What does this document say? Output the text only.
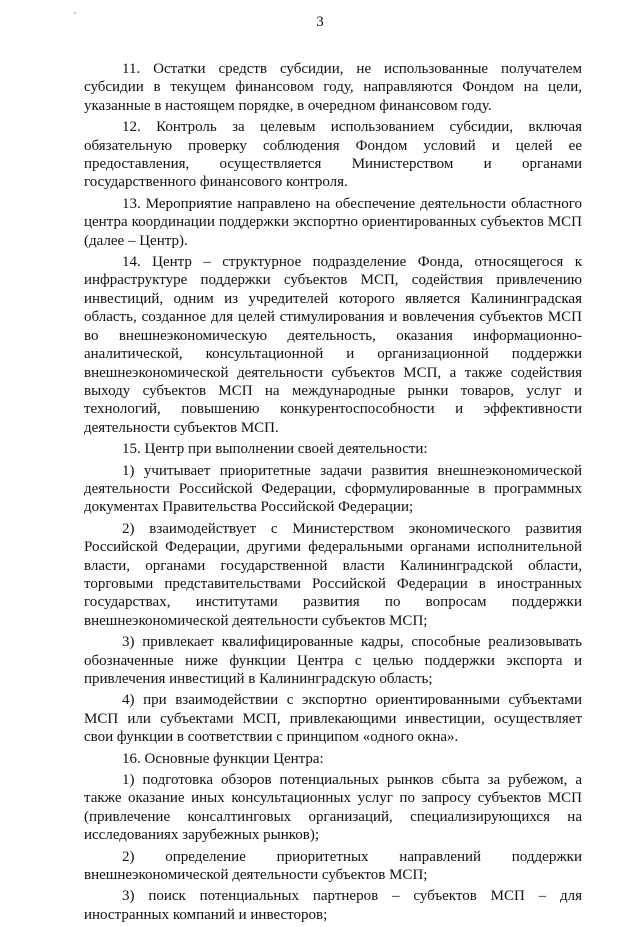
3

11. Остатки средств субсидии, не использованные получателем субсидии в текущем финансовом году, направляются Фондом на цели, указанные в настоящем порядке, в очередном финансовом году.

12. Контроль за целевым использованием субсидии, включая обязательную проверку соблюдения Фондом условий и целей ее предоставления, осуществляется Министерством и органами государственного финансового контроля.

13. Мероприятие направлено на обеспечение деятельности областного центра координации поддержки экспортно ориентированных субъектов МСП (далее – Центр).

14. Центр – структурное подразделение Фонда, относящегося к инфраструктуре поддержки субъектов МСП, содействия привлечению инвестиций, одним из учредителей которого является Калининградская область, созданное для целей стимулирования и вовлечения субъектов МСП во внешнеэкономическую деятельность, оказания информационно-аналитической, консультационной и организационной поддержки внешнеэкономической деятельности субъектов МСП, а также содействия выходу субъектов МСП на международные рынки товаров, услуг и технологий, повышению конкурентоспособности и эффективности деятельности субъектов МСП.

15. Центр при выполнении своей деятельности:

1) учитывает приоритетные задачи развития внешнеэкономической деятельности Российской Федерации, сформулированные в программных документах Правительства Российской Федерации;

2) взаимодействует с Министерством экономического развития Российской Федерации, другими федеральными органами исполнительной власти, органами государственной власти Калининградской области, торговыми представительствами Российской Федерации в иностранных государствах, институтами развития по вопросам поддержки внешнеэкономической деятельности субъектов МСП;

3) привлекает квалифицированные кадры, способные реализовывать обозначенные ниже функции Центра с целью поддержки экспорта и привлечения инвестиций в Калининградскую область;

4) при взаимодействии с экспортно ориентированными субъектами МСП или субъектами МСП, привлекающими инвестиции, осуществляет свои функции в соответствии с принципом «одного окна».

16. Основные функции Центра:

1) подготовка обзоров потенциальных рынков сбыта за рубежом, а также оказание иных консультационных услуг по запросу субъектов МСП (привлечение консалтинговых организаций, специализирующихся на исследованиях зарубежных рынков);

2) определение приоритетных направлений поддержки внешнеэкономической деятельности субъектов МСП;

3) поиск потенциальных партнеров – субъектов МСП – для иностранных компаний и инвесторов;
